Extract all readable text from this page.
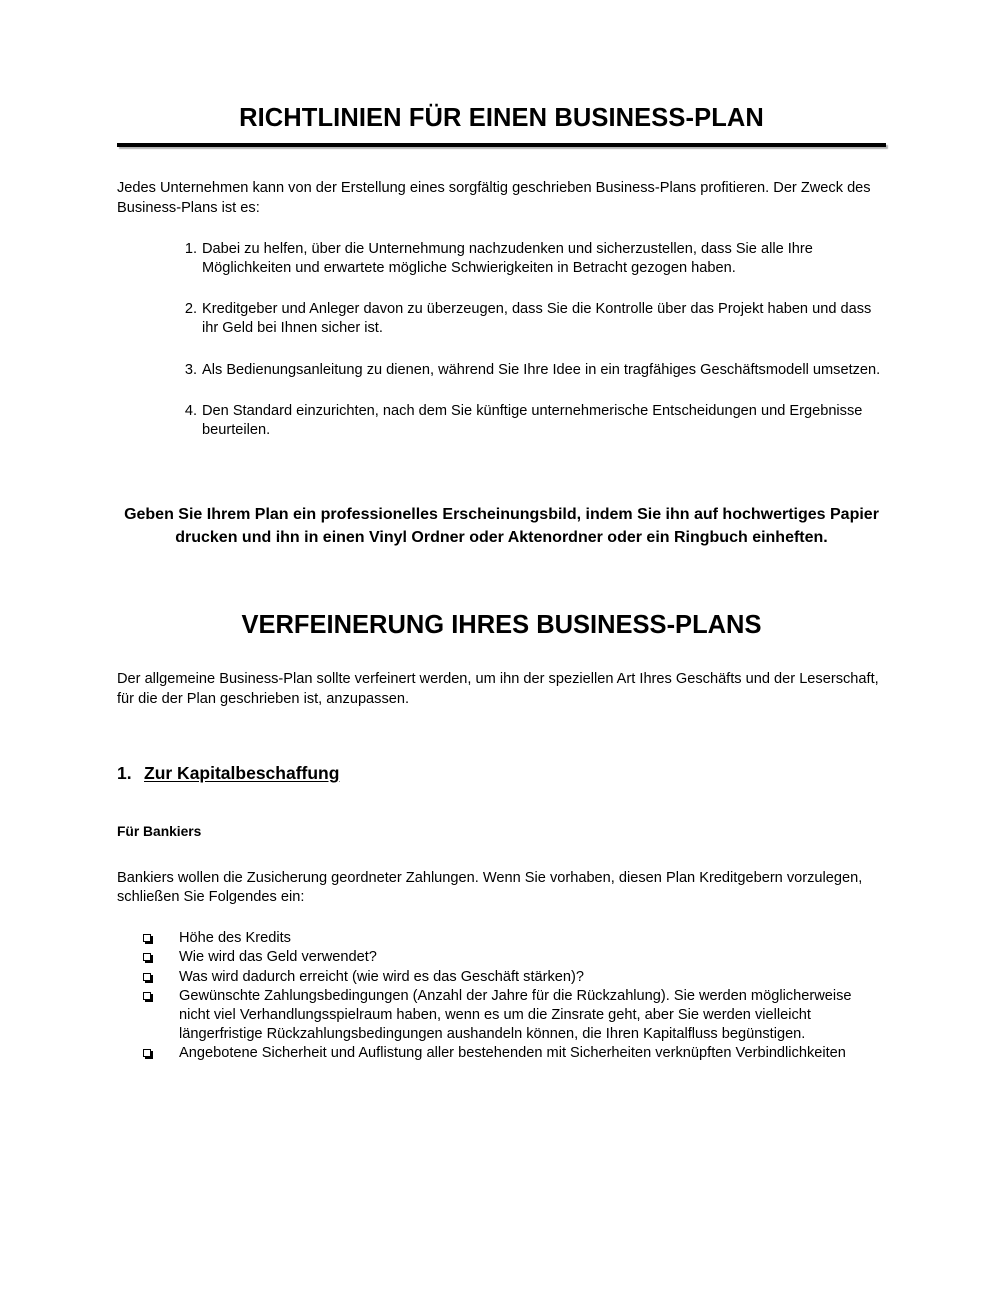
RICHTLINIEN FÜR EINEN BUSINESS-PLAN

Jedes Unternehmen kann von der Erstellung eines sorgfältig geschrieben Business-Plans profitieren. Der Zweck des Business-Plans ist es:

1. Dabei zu helfen, über die Unternehmung nachzudenken und sicherzustellen, dass Sie alle Ihre Möglichkeiten und erwartete mögliche Schwierigkeiten in Betracht gezogen haben.
2. Kreditgeber und Anleger davon zu überzeugen, dass Sie die Kontrolle über das Projekt haben und dass ihr Geld bei Ihnen sicher ist.
3. Als Bedienungsanleitung zu dienen, während Sie Ihre Idee in ein tragfähiges Geschäftsmodell umsetzen.
4. Den Standard einzurichten, nach dem Sie künftige unternehmerische Entscheidungen und Ergebnisse beurteilen.

Geben Sie Ihrem Plan ein professionelles Erscheinungsbild, indem Sie ihn auf hochwertiges Papier drucken und ihn in einen Vinyl Ordner oder Aktenordner oder ein Ringbuch einheften.

VERFEINERUNG IHRES BUSINESS-PLANS

Der allgemeine Business-Plan sollte verfeinert werden, um ihn der speziellen Art Ihres Geschäfts und der Leserschaft, für die der Plan geschrieben ist, anzupassen.

1. Zur Kapitalbeschaffung
Für Bankiers

Bankiers wollen die Zusicherung geordneter Zahlungen. Wenn Sie vorhaben, diesen Plan Kreditgebern vorzulegen, schließen Sie Folgendes ein:

Höhe des Kredits
Wie wird das Geld verwendet?
Was wird dadurch erreicht (wie wird es das Geschäft stärken)?
Gewünschte Zahlungsbedingungen (Anzahl der Jahre für die Rückzahlung). Sie werden möglicherweise nicht viel Verhandlungsspielraum haben, wenn es um die Zinsrate geht, aber Sie werden vielleicht längerfristige Rückzahlungsbedingungen aushandeln können, die Ihren Kapitalfluss begünstigen.
Angebotene Sicherheit und Auflistung aller bestehenden mit Sicherheiten verknüpften Verbindlichkeiten
